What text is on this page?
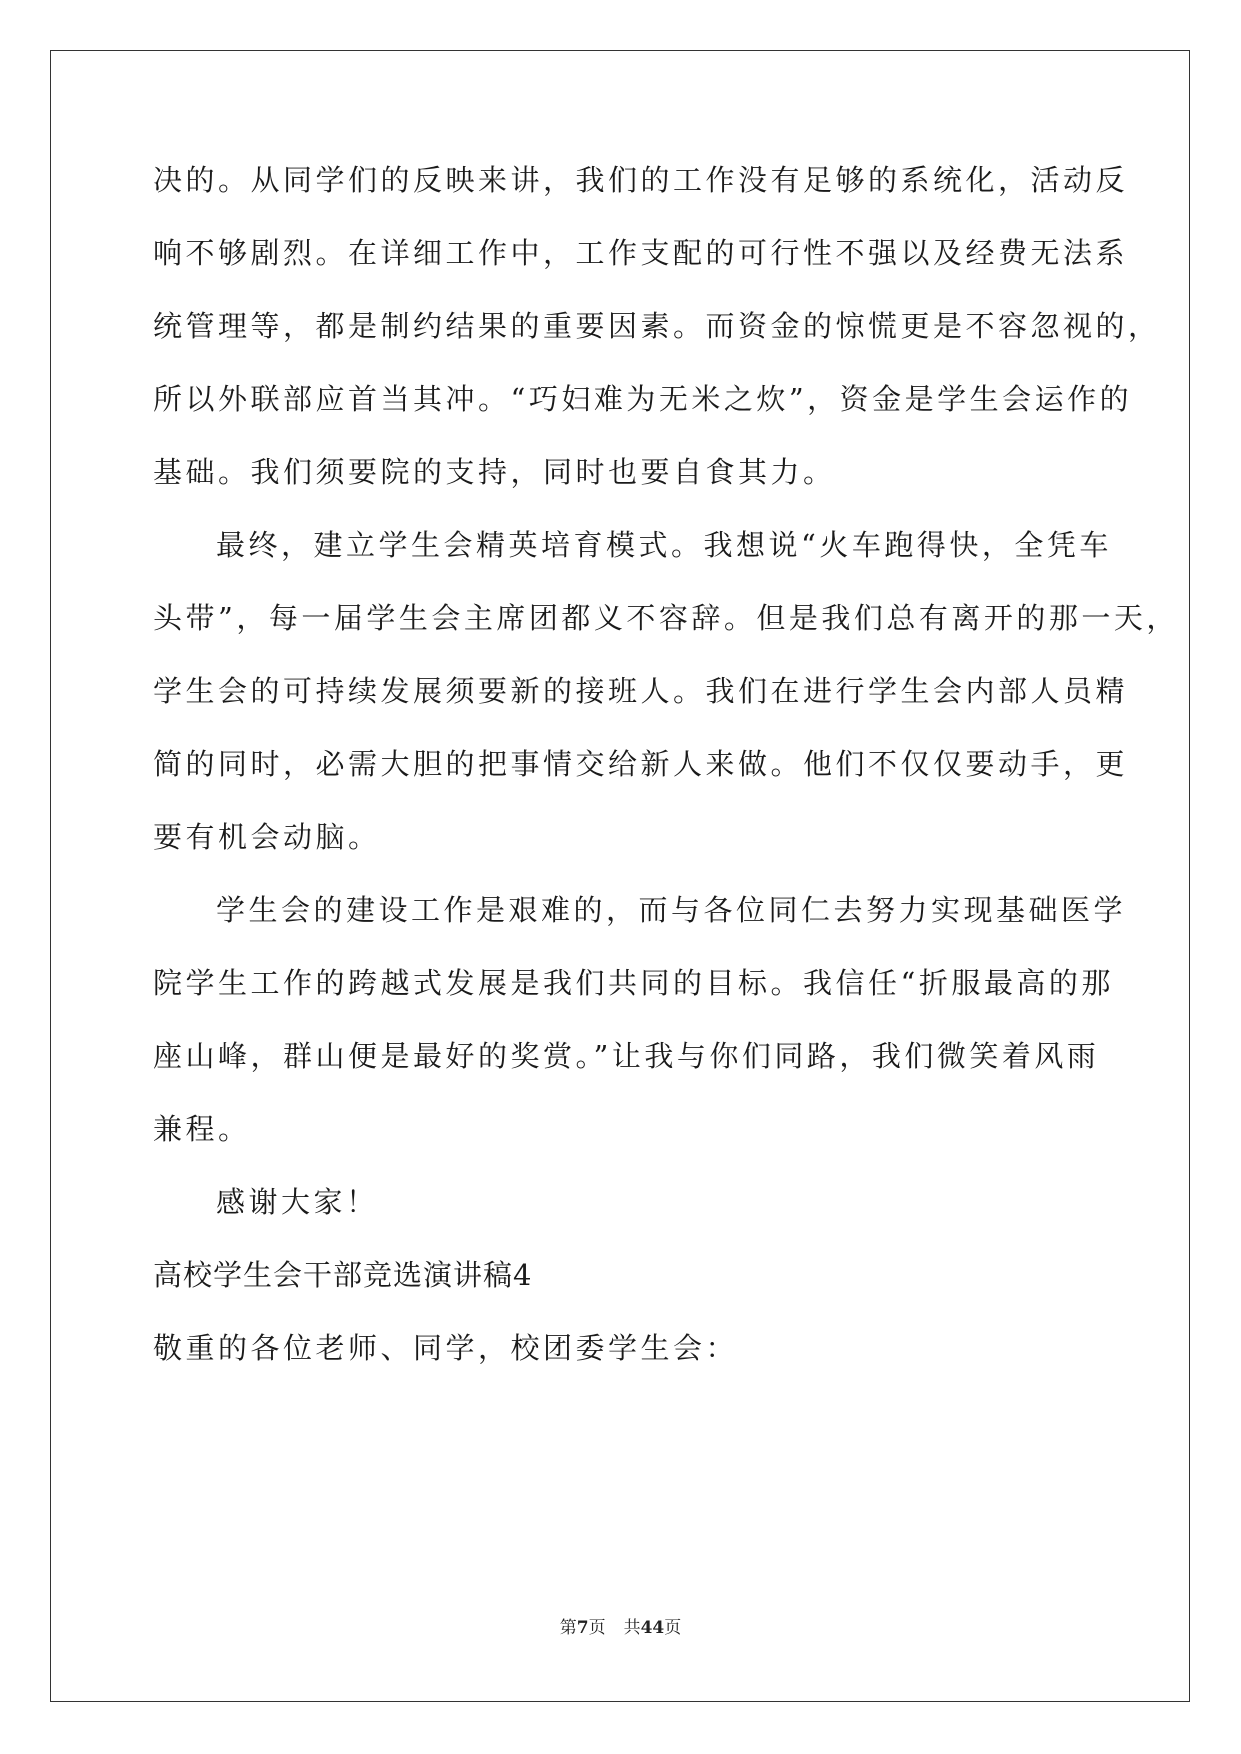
决的。从同学们的反映来讲，我们的工作没有足够的系统化，活动反
响不够剧烈。在详细工作中，工作支配的可行性不强以及经费无法系
统管理等，都是制约结果的重要因素。而资金的惊慌更是不容忽视的，
所以外联部应首当其冲。“巧妇难为无米之炊”，资金是学生会运作的
基础。我们须要院的支持，同时也要自食其力。
最终，建立学生会精英培育模式。我想说“火车跑得快，全凭车
头带”，每一届学生会主席团都义不容辞。但是我们总有离开的那一天，
学生会的可持续发展须要新的接班人。我们在进行学生会内部人员精
简的同时，必需大胆的把事情交给新人来做。他们不仅仅要动手，更
要有机会动脑。
学生会的建设工作是艰难的，而与各位同仁去努力实现基础医学
院学生工作的跨越式发展是我们共同的目标。我信任“折服最高的那
座山峰，群山便是最好的奖赏。”让我与你们同路，我们微笑着风雨
兼程。
感谢大家！
高校学生会干部竞选演讲稿4
敬重的各位老师、同学，校团委学生会：
第7页 共44页
